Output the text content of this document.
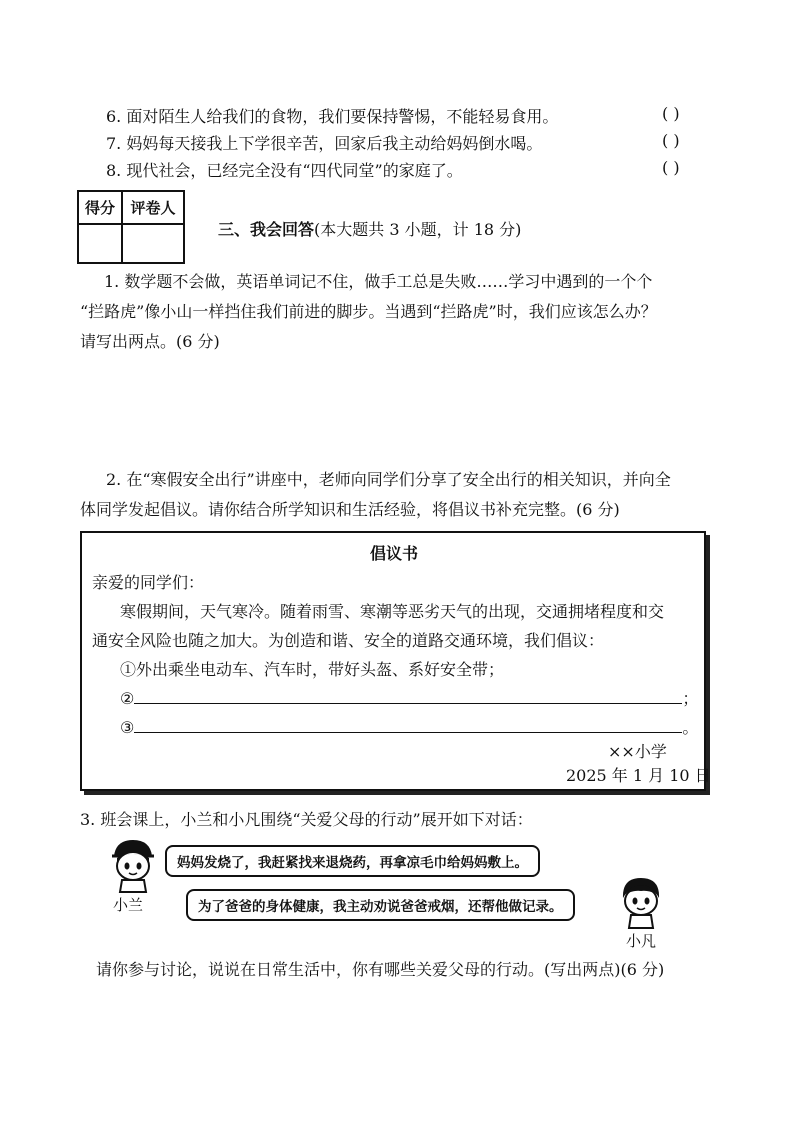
6. 面对陌生人给我们的食物，我们要保持警惕，不能轻易食用。	( )
7. 妈妈每天接我上下学很辛苦，回家后我主动给妈妈倒水喝。	( )
8. 现代社会，已经完全没有“四代同堂”的家庭了。	( )
得分	评卷人

三、我会回答(本大题共 3 小题，计 18 分)
1. 数学题不会做，英语单词记不住，做手工总是失败……学习中遇到的一个个
“拦路虎”像小山一样挡住我们前进的脚步。当遇到“拦路虎”时，我们应该怎么办？
请写出两点。(6 分)
2. 在“寒假安全出行”讲座中，老师向同学们分享了安全出行的相关知识，并向全
体同学发起倡议。请你结合所学知识和生活经验，将倡议书补充完整。(6 分)
倡议书
亲爱的同学们：
寒假期间，天气寒冷。随着雨雪、寒潮等恶劣天气的出现，交通拥堵程度和交
通安全风险也随之加大。为创造和谐、安全的道路交通环境，我们倡议：
①外出乘坐电动车、汽车时，带好头盔、系好安全带；
②	；
③	。
××小学
2025 年 1 月 10 日
3. 班会课上，小兰和小凡围绕“关爱父母的行动”展开如下对话：
小兰
妈妈发烧了，我赶紧找来退烧药，再拿凉毛巾给妈妈敷上。
为了爸爸的身体健康，我主动劝说爸爸戒烟，还帮他做记录。
小凡
请你参与讨论，说说在日常生活中，你有哪些关爱父母的行动。(写出两点)(6 分)
